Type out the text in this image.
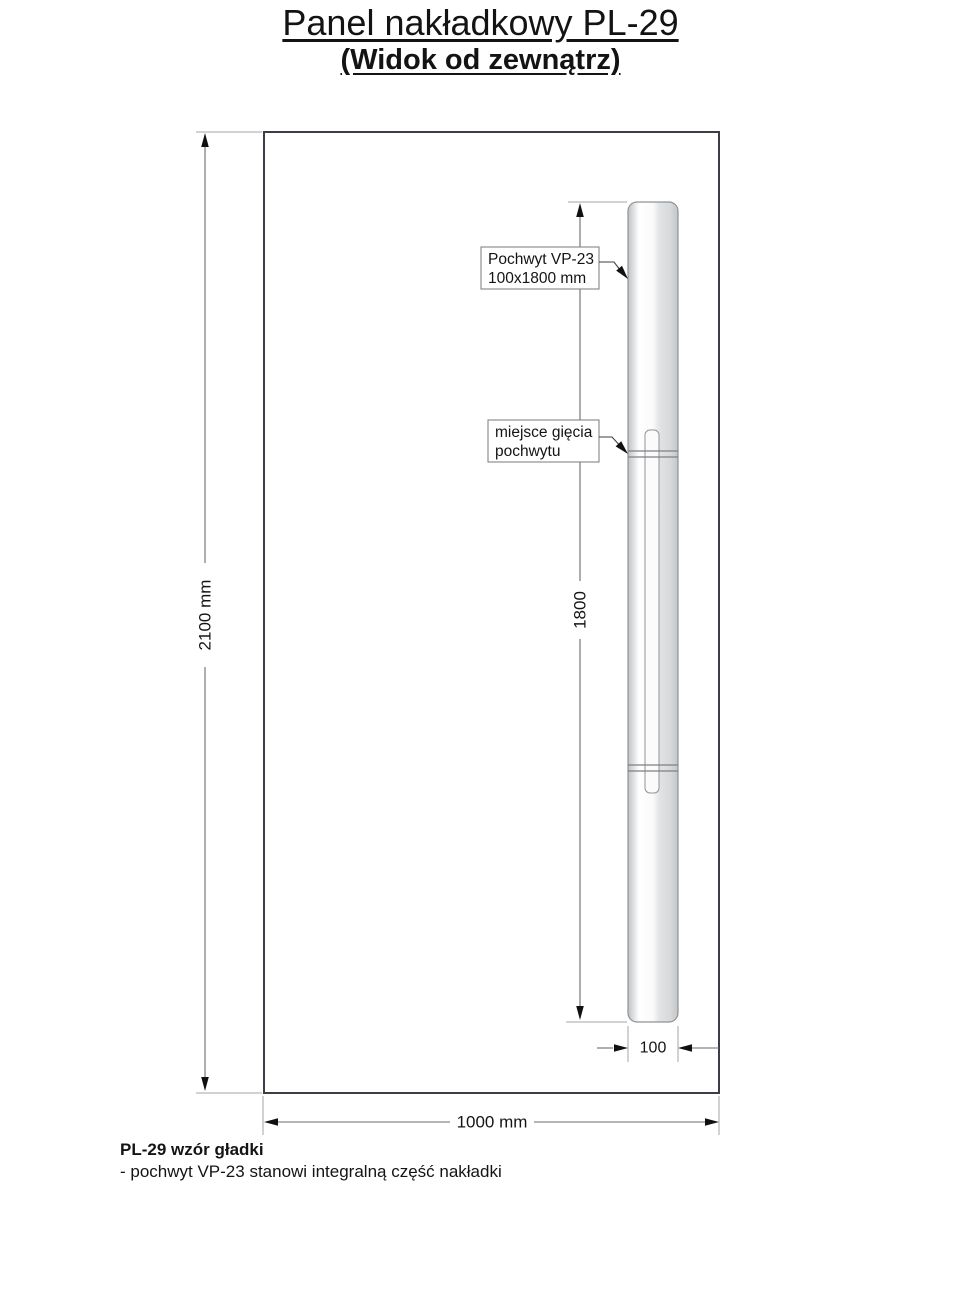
Panel nakładkowy PL-29
(Widok od zewnątrz)
2100 mm	1800
100
1000 mm
Pochwyt VP-23
100x1800 mm
miejsce gięcia
pochwytu
PL-29 wzór gładki
- pochwyt VP-23 stanowi integralną część nakładki
